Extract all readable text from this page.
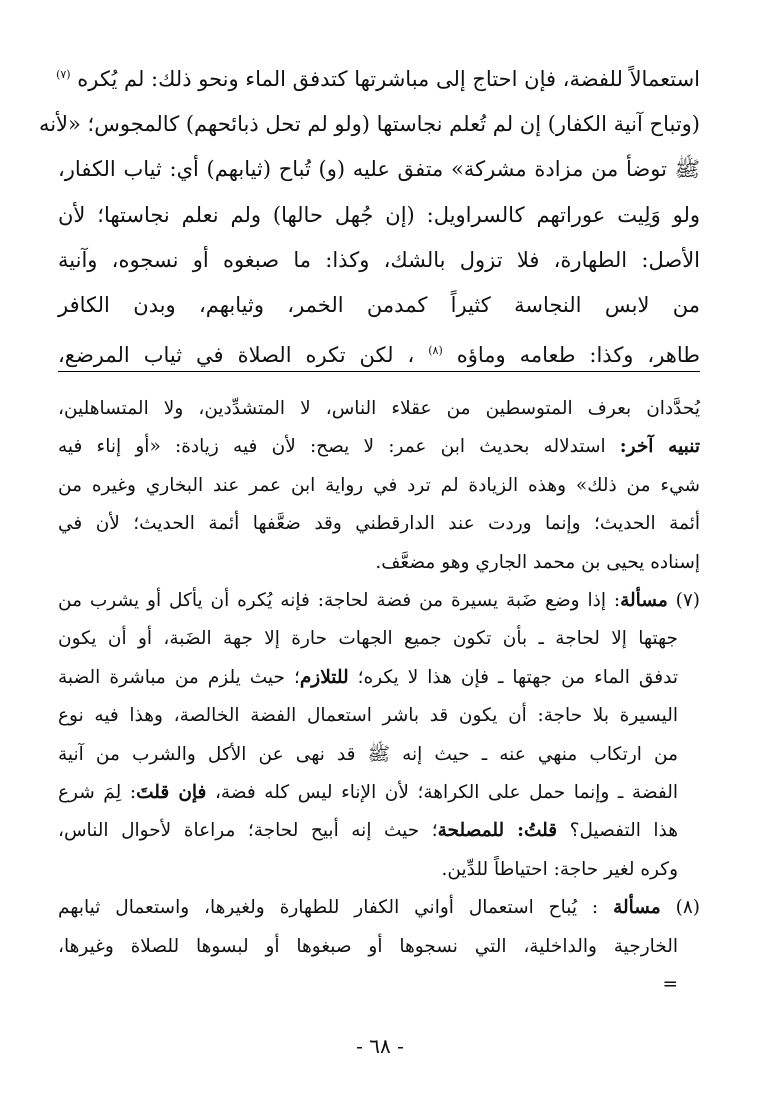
استعمالاً للفضة، فإن احتاج إلى مباشرتها كتدفق الماء ونحو ذلك: لم يُكره $^{(٧)}$
(وتباح آنية الكفار) إن لم تُعلم نجاستها (ولو لم تحل ذبائحهم) كالمجوس؛ «لأنه
ﷺ توضأ من مزادة مشركة» متفق عليه (و) تُباح (ثيابهم) أي: ثياب الكفار،
ولو وَلِيت عوراتهم كالسراويل: (إن جُهل حالها) ولم نعلم نجاستها؛ لأن
الأصل: الطهارة، فلا تزول بالشك، وكذا: ما صبغوه أو نسجوه، وآنية
من لابس النجاسة كثيراً كمدمن الخمر، وثيابهم، وبدن الكافر
طاهر، وكذا: طعامه وماؤه $^{(٨)}$ ، لكن تكره الصلاة في ثياب المرضع،
يُحدَّدان بعرف المتوسطين من عقلاء الناس، لا المتشدِّدين، ولا المتساهلين،
تنبيه آخر: استدلاله بحديث ابن عمر: لا يصح: لأن فيه زيادة: «أو إناء فيه
شيء من ذلك» وهذه الزيادة لم ترد في رواية ابن عمر عند البخاري وغيره من
أئمة الحديث؛ وإنما وردت عند الدارقطني وقد ضعَّفها أئمة الحديث؛ لأن في
إسناده يحيى بن محمد الجاري وهو مضعَّف.
(٧) مسألة: إذا وضع ضَبة يسيرة من فضة لحاجة: فإنه يُكره أن يأكل أو يشرب من
جهتها إلا لحاجة ـ بأن تكون جميع الجهات حارة إلا جهة الضَبة، أو أن يكون
تدفق الماء من جهتها ـ فإن هذا لا يكره؛ للتلازم؛ حيث يلزم من مباشرة الضبة
اليسيرة بلا حاجة: أن يكون قد باشر استعمال الفضة الخالصة، وهذا فيه نوع
من ارتكاب منهي عنه ـ حيث إنه ﷺ قد نهى عن الأكل والشرب من آنية
الفضة ـ وإنما حمل على الكراهة؛ لأن الإناء ليس كله فضة، فإن قلتَ: لِمَ شرع
هذا التفصيل؟ قلتُ: للمصلحة؛ حيث إنه أبيح لحاجة؛ مراعاة لأحوال الناس،
وكره لغير حاجة: احتياطاً للدِّين.
(٨) مسألة : يُباح استعمال أواني الكفار للطهارة ولغيرها، واستعمال ثيابهم
الخارجية والداخلية، التي نسجوها أو صبغوها أو لبسوها للصلاة وغيرها،
=
- ٦٨ -
